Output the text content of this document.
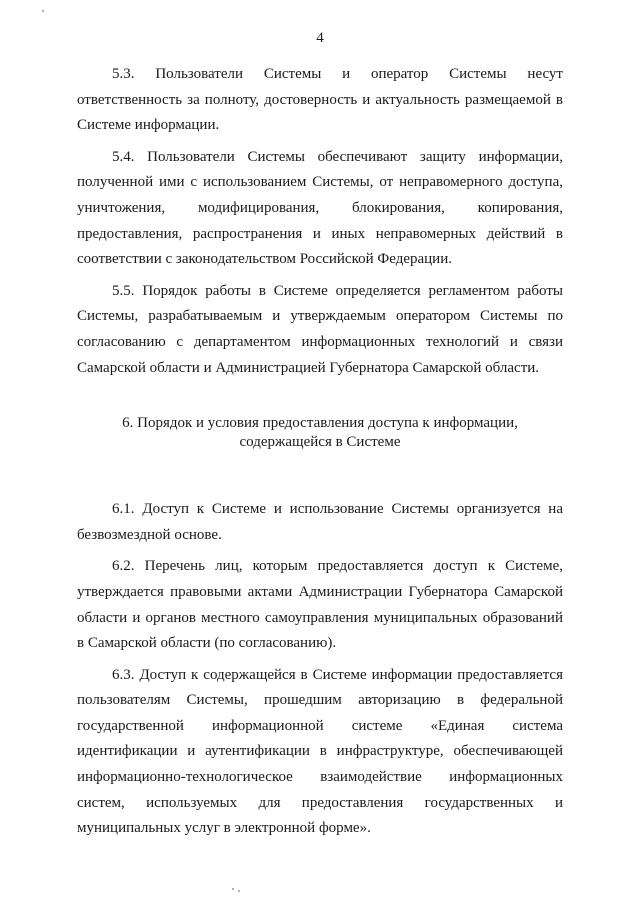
4

5.3. Пользователи Системы и оператор Системы несут ответственность за полноту, достоверность и актуальность размещаемой в Системе информации.

5.4. Пользователи Системы обеспечивают защиту информации, полученной ими с использованием Системы, от неправомерного доступа, уничтожения, модифицирования, блокирования, копирования, предоставления, распространения и иных неправомерных действий в соответствии с законодательством Российской Федерации.

5.5. Порядок работы в Системе определяется регламентом работы Системы, разрабатываемым и утверждаемым оператором Системы по согласованию с департаментом информационных технологий и связи Самарской области и Администрацией Губернатора Самарской области.

6. Порядок и условия предоставления доступа к информации,
содержащейся в Системе

6.1. Доступ к Системе и использование Системы организуется на безвозмездной основе.

6.2. Перечень лиц, которым предоставляется доступ к Системе, утверждается правовыми актами Администрации Губернатора Самарской области и органов местного самоуправления муниципальных образований в Самарской области (по согласованию).

6.3. Доступ к содержащейся в Системе информации предоставляется пользователям Системы, прошедшим авторизацию в федеральной государственной информационной системе «Единая система идентификации и аутентификации в инфраструктуре, обеспечивающей информационно-технологическое взаимодействие информационных систем, используемых для предоставления государственных и муниципальных услуг в электронной форме».
